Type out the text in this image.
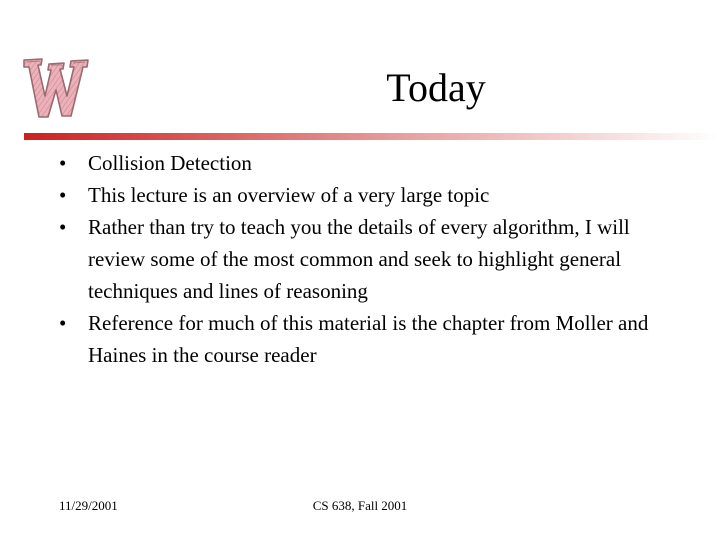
Today
• Collision Detection
• This lecture is an overview of a very large topic
• Rather than try to teach you the details of every algorithm, I will review some of the most common and seek to highlight general techniques and lines of reasoning
• Reference for much of this material is the chapter from Moller and Haines in the course reader
11/29/2001	CS 638, Fall 2001
